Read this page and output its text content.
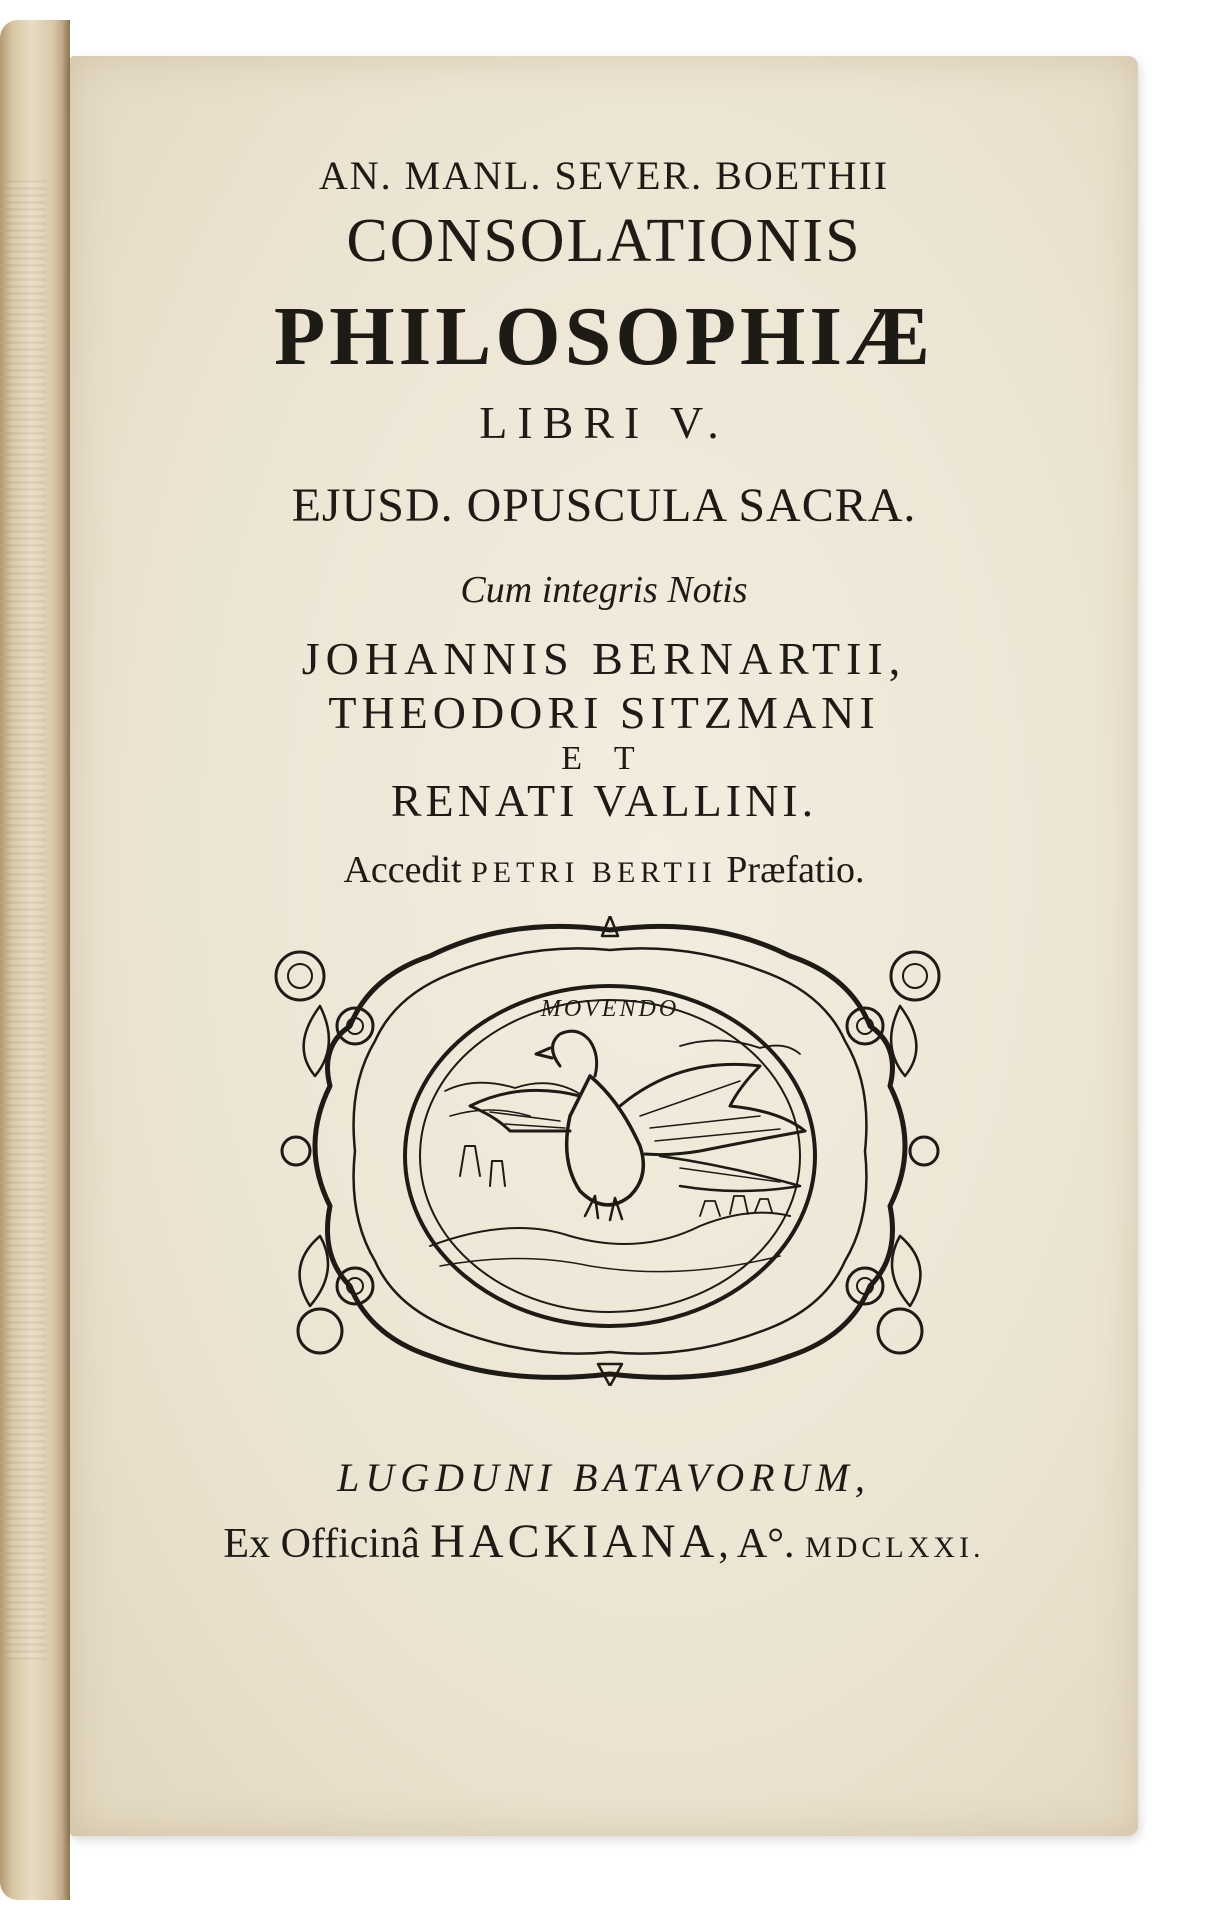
AN. MANL. SEVER. BOETHII
CONSOLATIONIS
PHILOSOPHIÆ
LIBRI V.
EJUSD. OPUSCULA SACRA.
Cum integris Notis
JOHANNIS BERNARTII,
THEODORI SITZMANI
E T
RENATI VALLINI.
Accedit PETRI BERTII Præfatio.
MOVENDO
LUGDUNI BATAVORUM,
Ex Officinâ HACKIANA, A°. MDCLXXI.
